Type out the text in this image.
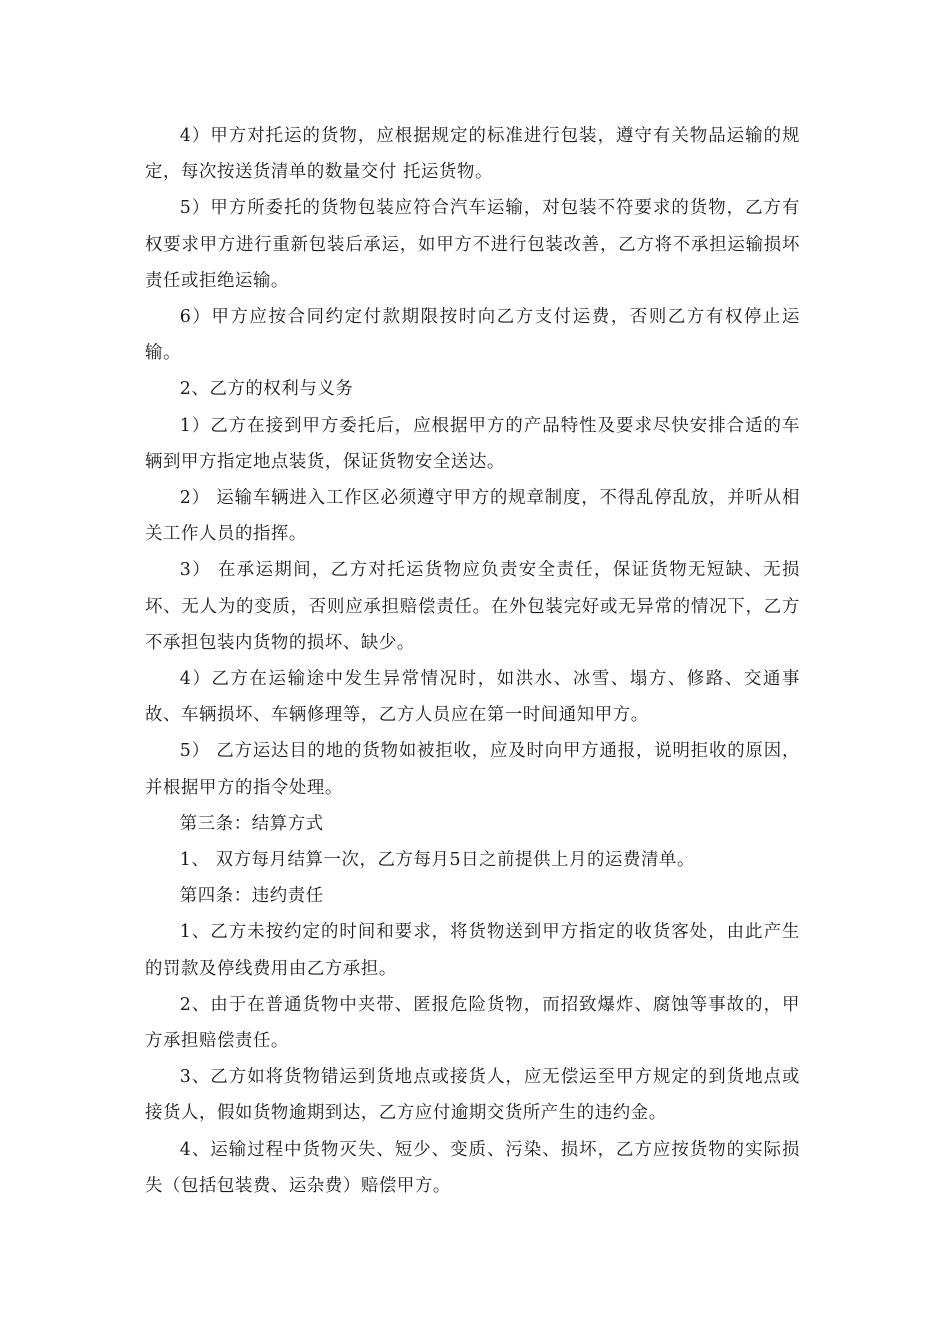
4）甲方对托运的货物，应根据规定的标准进行包装，遵守有关物品运输的规定，每次按送货清单的数量交付 托运货物。

5）甲方所委托的货物包装应符合汽车运输，对包装不符要求的货物，乙方有权要求甲方进行重新包装后承运，如甲方不进行包装改善，乙方将不承担运输损坏责任或拒绝运输。

6）甲方应按合同约定付款期限按时向乙方支付运费，否则乙方有权停止运输。

2、乙方的权利与义务

1）乙方在接到甲方委托后，应根据甲方的产品特性及要求尽快安排合适的车辆到甲方指定地点装货，保证货物安全送达。

2） 运输车辆进入工作区必须遵守甲方的规章制度，不得乱停乱放，并听从相关工作人员的指挥。

3） 在承运期间，乙方对托运货物应负责安全责任，保证货物无短缺、无损坏、无人为的变质，否则应承担赔偿责任。在外包装完好或无异常的情况下，乙方不承担包装内货物的损坏、缺少。

4）乙方在运输途中发生异常情况时，如洪水、冰雪、塌方、修路、交通事故、车辆损坏、车辆修理等，乙方人员应在第一时间通知甲方。

5） 乙方运达目的地的货物如被拒收，应及时向甲方通报，说明拒收的原因，并根据甲方的指令处理。

第三条：结算方式

1、 双方每月结算一次，乙方每月5日之前提供上月的运费清单。

第四条：违约责任

1、乙方未按约定的时间和要求，将货物送到甲方指定的收货客处，由此产生的罚款及停线费用由乙方承担。

2、由于在普通货物中夹带、匿报危险货物，而招致爆炸、腐蚀等事故的，甲方承担赔偿责任。

3、乙方如将货物错运到货地点或接货人，应无偿运至甲方规定的到货地点或接货人，假如货物逾期到达，乙方应付逾期交货所产生的违约金。

4、运输过程中货物灭失、短少、变质、污染、损坏，乙方应按货物的实际损失（包括包装费、运杂费）赔偿甲方。
